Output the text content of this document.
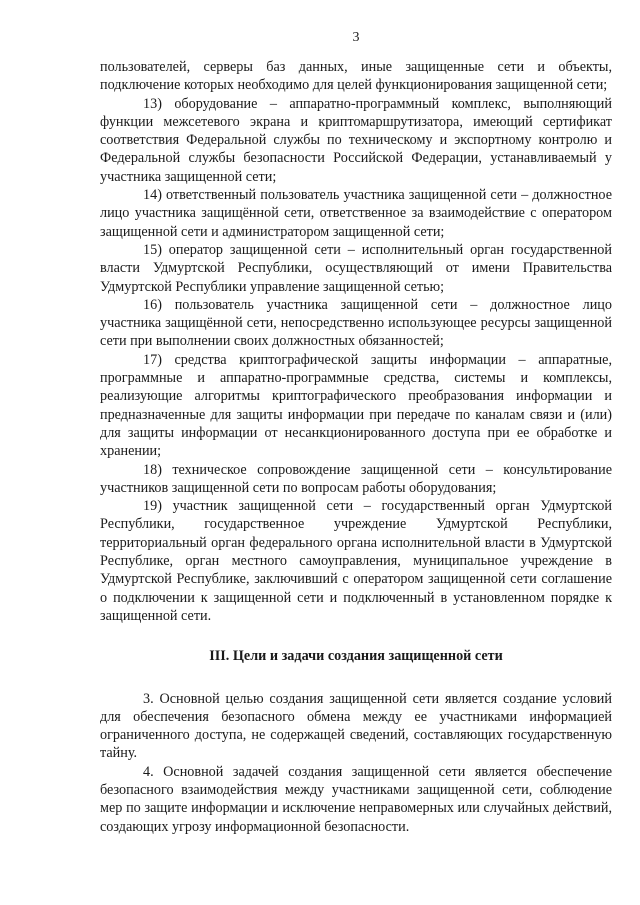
3

пользователей, серверы баз данных, иные защищенные сети и объекты, подключение которых необходимо для целей функционирования защищенной сети;

13) оборудование – аппаратно-программный комплекс, выполняющий функции межсетевого экрана и криптомаршрутизатора, имеющий сертификат соответствия Федеральной службы по техническому и экспортному контролю и Федеральной службы безопасности Российской Федерации, устанавливаемый у участника защищенной сети;

14) ответственный пользователь участника защищенной сети – должностное лицо участника защищённой сети, ответственное за взаимодействие с оператором защищенной сети и администратором защищенной сети;

15) оператор защищенной сети – исполнительный орган государственной власти Удмуртской Республики, осуществляющий от имени Правительства Удмуртской Республики управление защищенной сетью;

16) пользователь участника защищенной сети – должностное лицо участника защищённой сети, непосредственно использующее ресурсы защищенной сети при выполнении своих должностных обязанностей;

17) средства криптографической защиты информации – аппаратные, программные и аппаратно-программные средства, системы и комплексы, реализующие алгоритмы криптографического преобразования информации и предназначенные для защиты информации при передаче по каналам связи и (или) для защиты информации от несанкционированного доступа при ее обработке и хранении;

18) техническое сопровождение защищенной сети – консультирование участников защищенной сети по вопросам работы оборудования;

19) участник защищенной сети – государственный орган Удмуртской Республики, государственное учреждение Удмуртской Республики, территориальный орган федерального органа исполнительной власти в Удмуртской Республике, орган местного самоуправления, муниципальное учреждение в Удмуртской Республике, заключивший с оператором защищенной сети соглашение о подключении к защищенной сети и подключенный в установленном порядке к защищенной сети.

III. Цели и задачи создания защищенной сети

3. Основной целью создания защищенной сети является создание условий для обеспечения безопасного обмена между ее участниками информацией ограниченного доступа, не содержащей сведений, составляющих государственную тайну.

4. Основной задачей создания защищенной сети является обеспечение безопасного взаимодействия между участниками защищенной сети, соблюдение мер по защите информации и исключение неправомерных или случайных действий, создающих угрозу информационной безопасности.
